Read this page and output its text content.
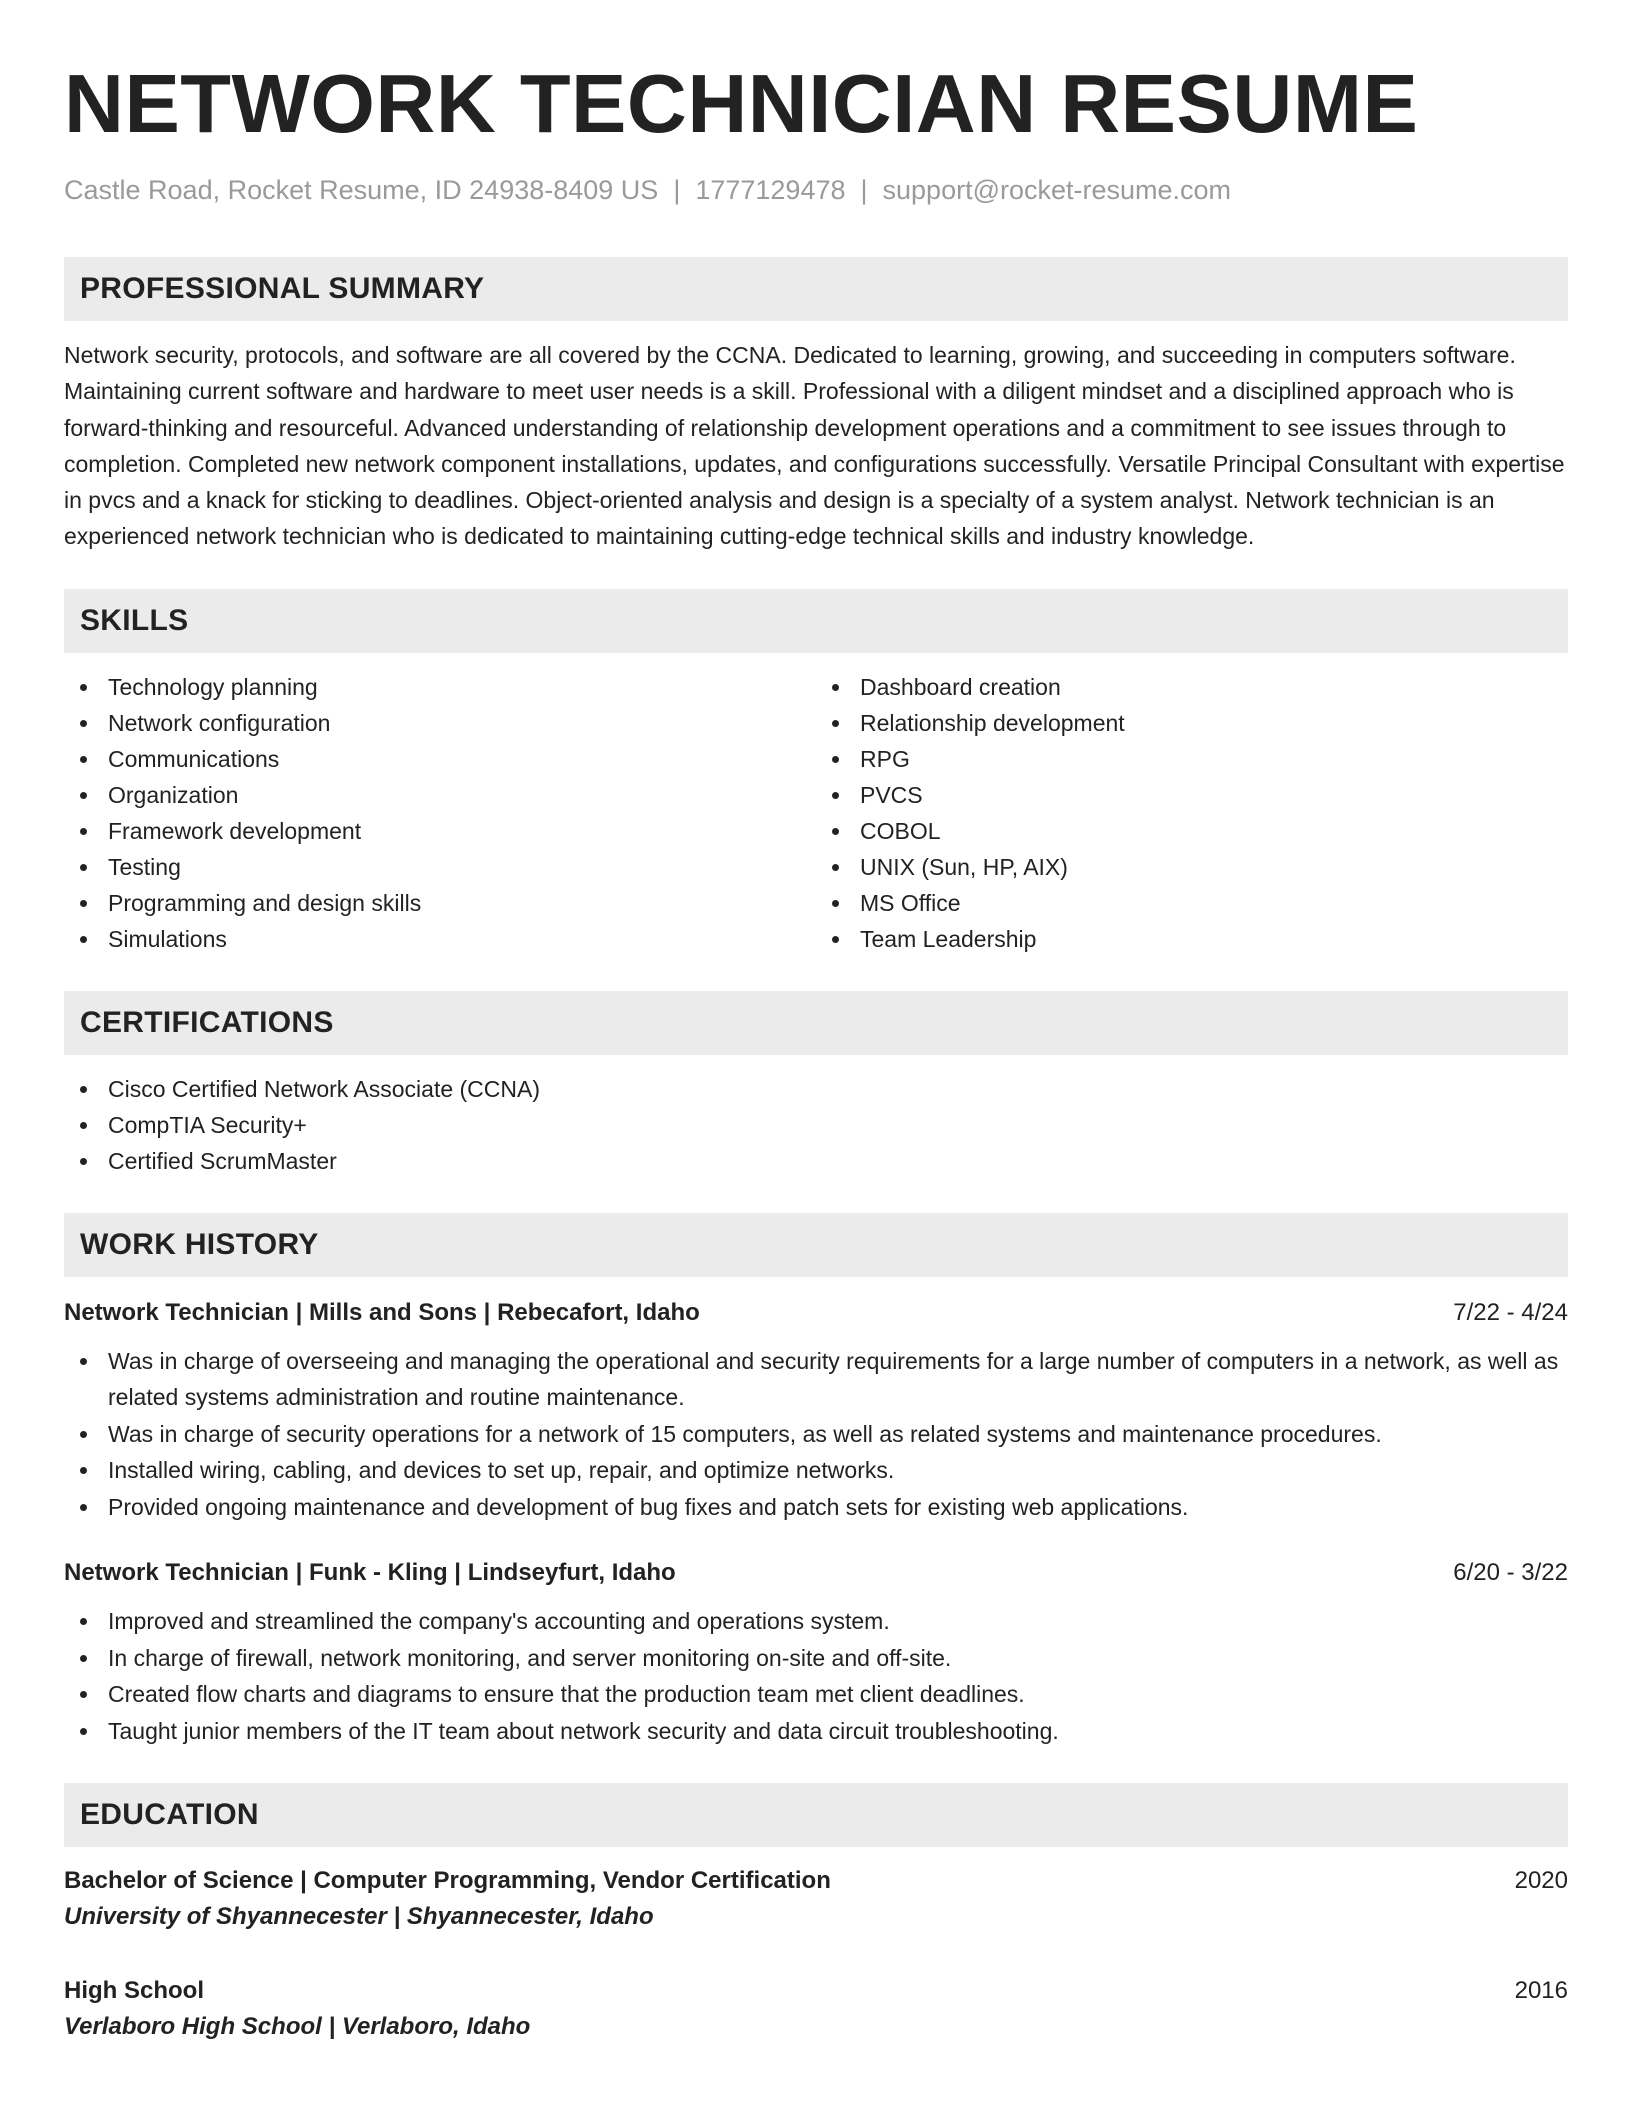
NETWORK TECHNICIAN RESUME
Castle Road, Rocket Resume, ID 24938-8409 US | 1777129478 | support@rocket-resume.com
PROFESSIONAL SUMMARY
Network security, protocols, and software are all covered by the CCNA. Dedicated to learning, growing, and succeeding in computers software. Maintaining current software and hardware to meet user needs is a skill. Professional with a diligent mindset and a disciplined approach who is forward-thinking and resourceful. Advanced understanding of relationship development operations and a commitment to see issues through to completion. Completed new network component installations, updates, and configurations successfully. Versatile Principal Consultant with expertise in pvcs and a knack for sticking to deadlines. Object-oriented analysis and design is a specialty of a system analyst. Network technician is an experienced network technician who is dedicated to maintaining cutting-edge technical skills and industry knowledge.
SKILLS
Technology planning
Network configuration
Communications
Organization
Framework development
Testing
Programming and design skills
Simulations
Dashboard creation
Relationship development
RPG
PVCS
COBOL
UNIX (Sun, HP, AIX)
MS Office
Team Leadership
CERTIFICATIONS
Cisco Certified Network Associate (CCNA)
CompTIA Security+
Certified ScrumMaster
WORK HISTORY
Network Technician | Mills and Sons | Rebecafort, Idaho	7/22 - 4/24
Was in charge of overseeing and managing the operational and security requirements for a large number of computers in a network, as well as related systems administration and routine maintenance.
Was in charge of security operations for a network of 15 computers, as well as related systems and maintenance procedures.
Installed wiring, cabling, and devices to set up, repair, and optimize networks.
Provided ongoing maintenance and development of bug fixes and patch sets for existing web applications.
Network Technician | Funk - Kling | Lindseyfurt, Idaho	6/20 - 3/22
Improved and streamlined the company's accounting and operations system.
In charge of firewall, network monitoring, and server monitoring on-site and off-site.
Created flow charts and diagrams to ensure that the production team met client deadlines.
Taught junior members of the IT team about network security and data circuit troubleshooting.
EDUCATION
Bachelor of Science | Computer Programming, Vendor Certification	2020
University of Shyannecester | Shyannecester, Idaho
High School	2016
Verlaboro High School | Verlaboro, Idaho
